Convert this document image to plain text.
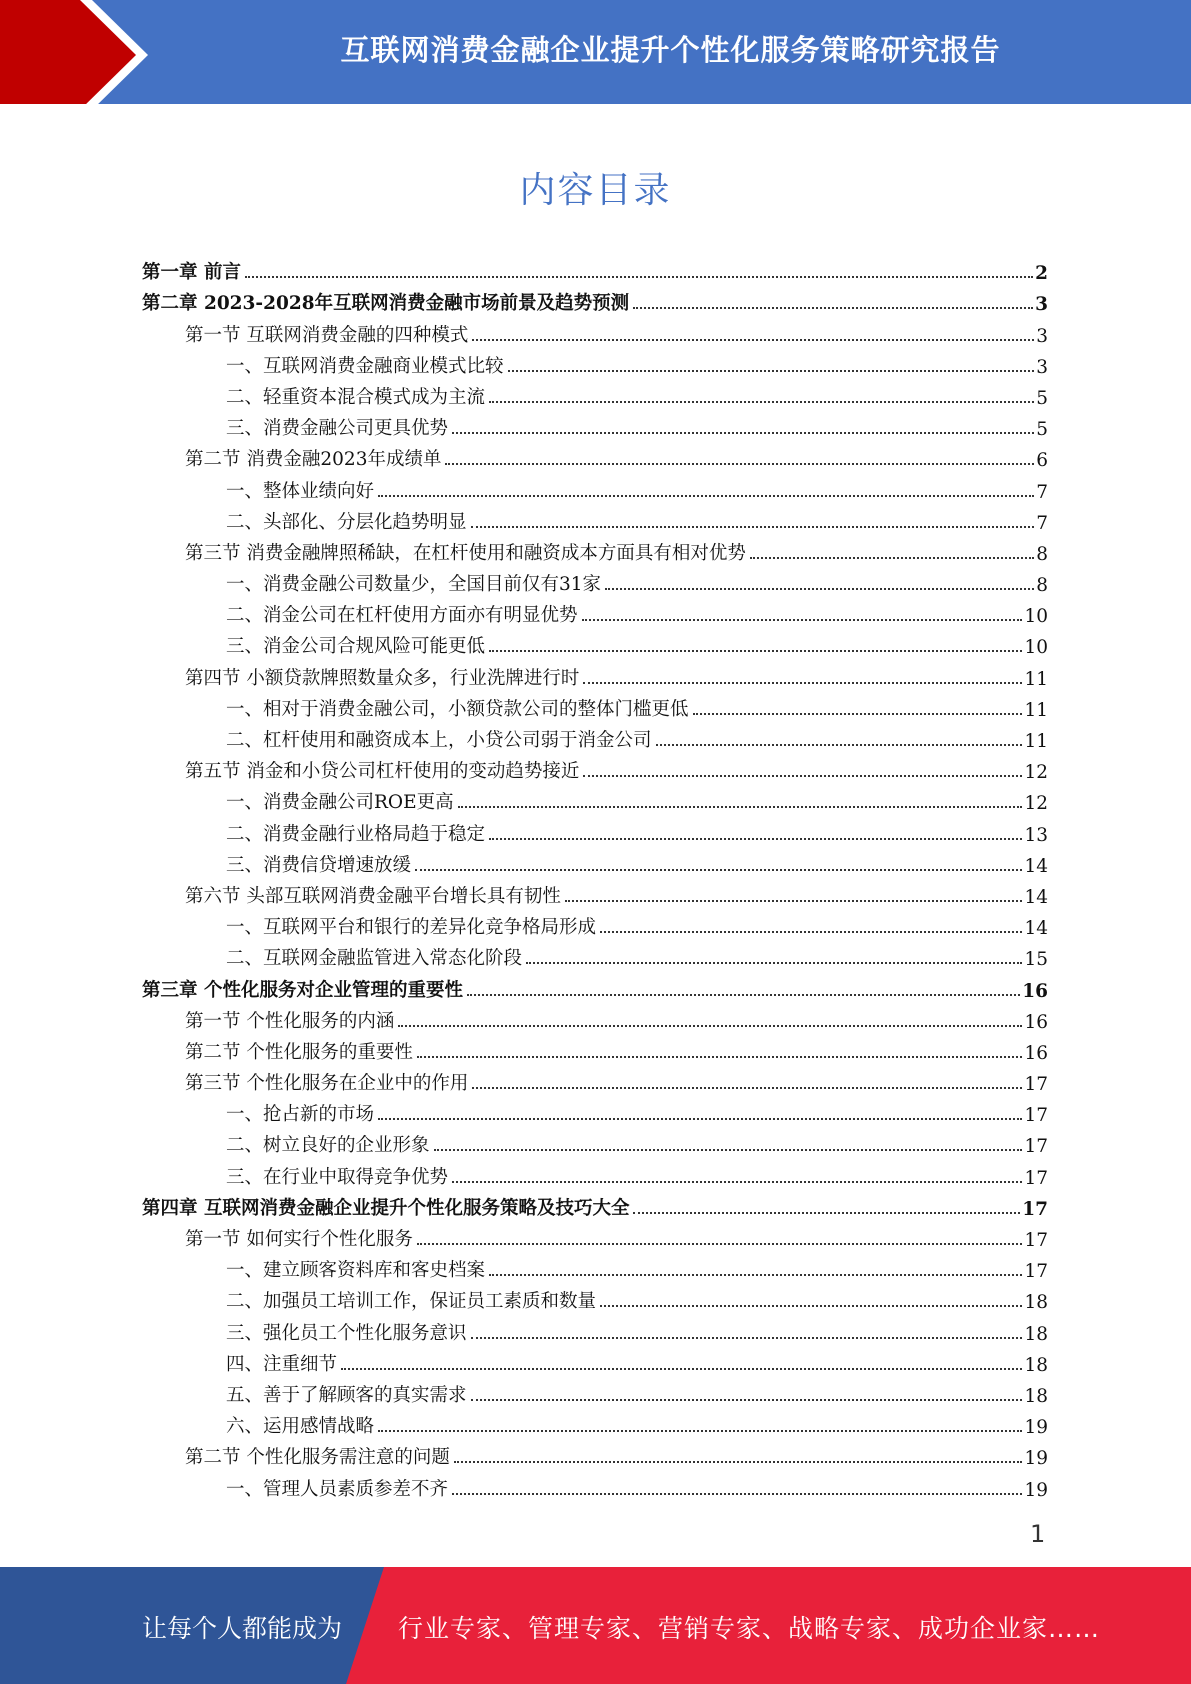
互联网消费金融企业提升个性化服务策略研究报告
内容目录
第一章 前言	2
第二章 2023-2028年互联网消费金融市场前景及趋势预测	3
第一节 互联网消费金融的四种模式	3
一、互联网消费金融商业模式比较	3
二、轻重资本混合模式成为主流	5
三、消费金融公司更具优势	5
第二节 消费金融2023年成绩单	6
一、整体业绩向好	7
二、头部化、分层化趋势明显	7
第三节 消费金融牌照稀缺，在杠杆使用和融资成本方面具有相对优势	8
一、消费金融公司数量少，全国目前仅有31家	8
二、消金公司在杠杆使用方面亦有明显优势	10
三、消金公司合规风险可能更低	10
第四节 小额贷款牌照数量众多，行业洗牌进行时	11
一、相对于消费金融公司，小额贷款公司的整体门槛更低	11
二、杠杆使用和融资成本上，小贷公司弱于消金公司	11
第五节 消金和小贷公司杠杆使用的变动趋势接近	12
一、消费金融公司ROE更高	12
二、消费金融行业格局趋于稳定	13
三、消费信贷增速放缓	14
第六节 头部互联网消费金融平台增长具有韧性	14
一、互联网平台和银行的差异化竞争格局形成	14
二、互联网金融监管进入常态化阶段	15
第三章 个性化服务对企业管理的重要性	16
第一节 个性化服务的内涵	16
第二节 个性化服务的重要性	16
第三节 个性化服务在企业中的作用	17
一、抢占新的市场	17
二、树立良好的企业形象	17
三、在行业中取得竞争优势	17
第四章 互联网消费金融企业提升个性化服务策略及技巧大全	17
第一节 如何实行个性化服务	17
一、建立顾客资料库和客史档案	17
二、加强员工培训工作，保证员工素质和数量	18
三、强化员工个性化服务意识	18
四、注重细节	18
五、善于了解顾客的真实需求	18
六、运用感情战略	19
第二节 个性化服务需注意的问题	19
一、管理人员素质参差不齐	19
1
让每个人都能成为 行业专家、管理专家、营销专家、战略专家、成功企业家……
